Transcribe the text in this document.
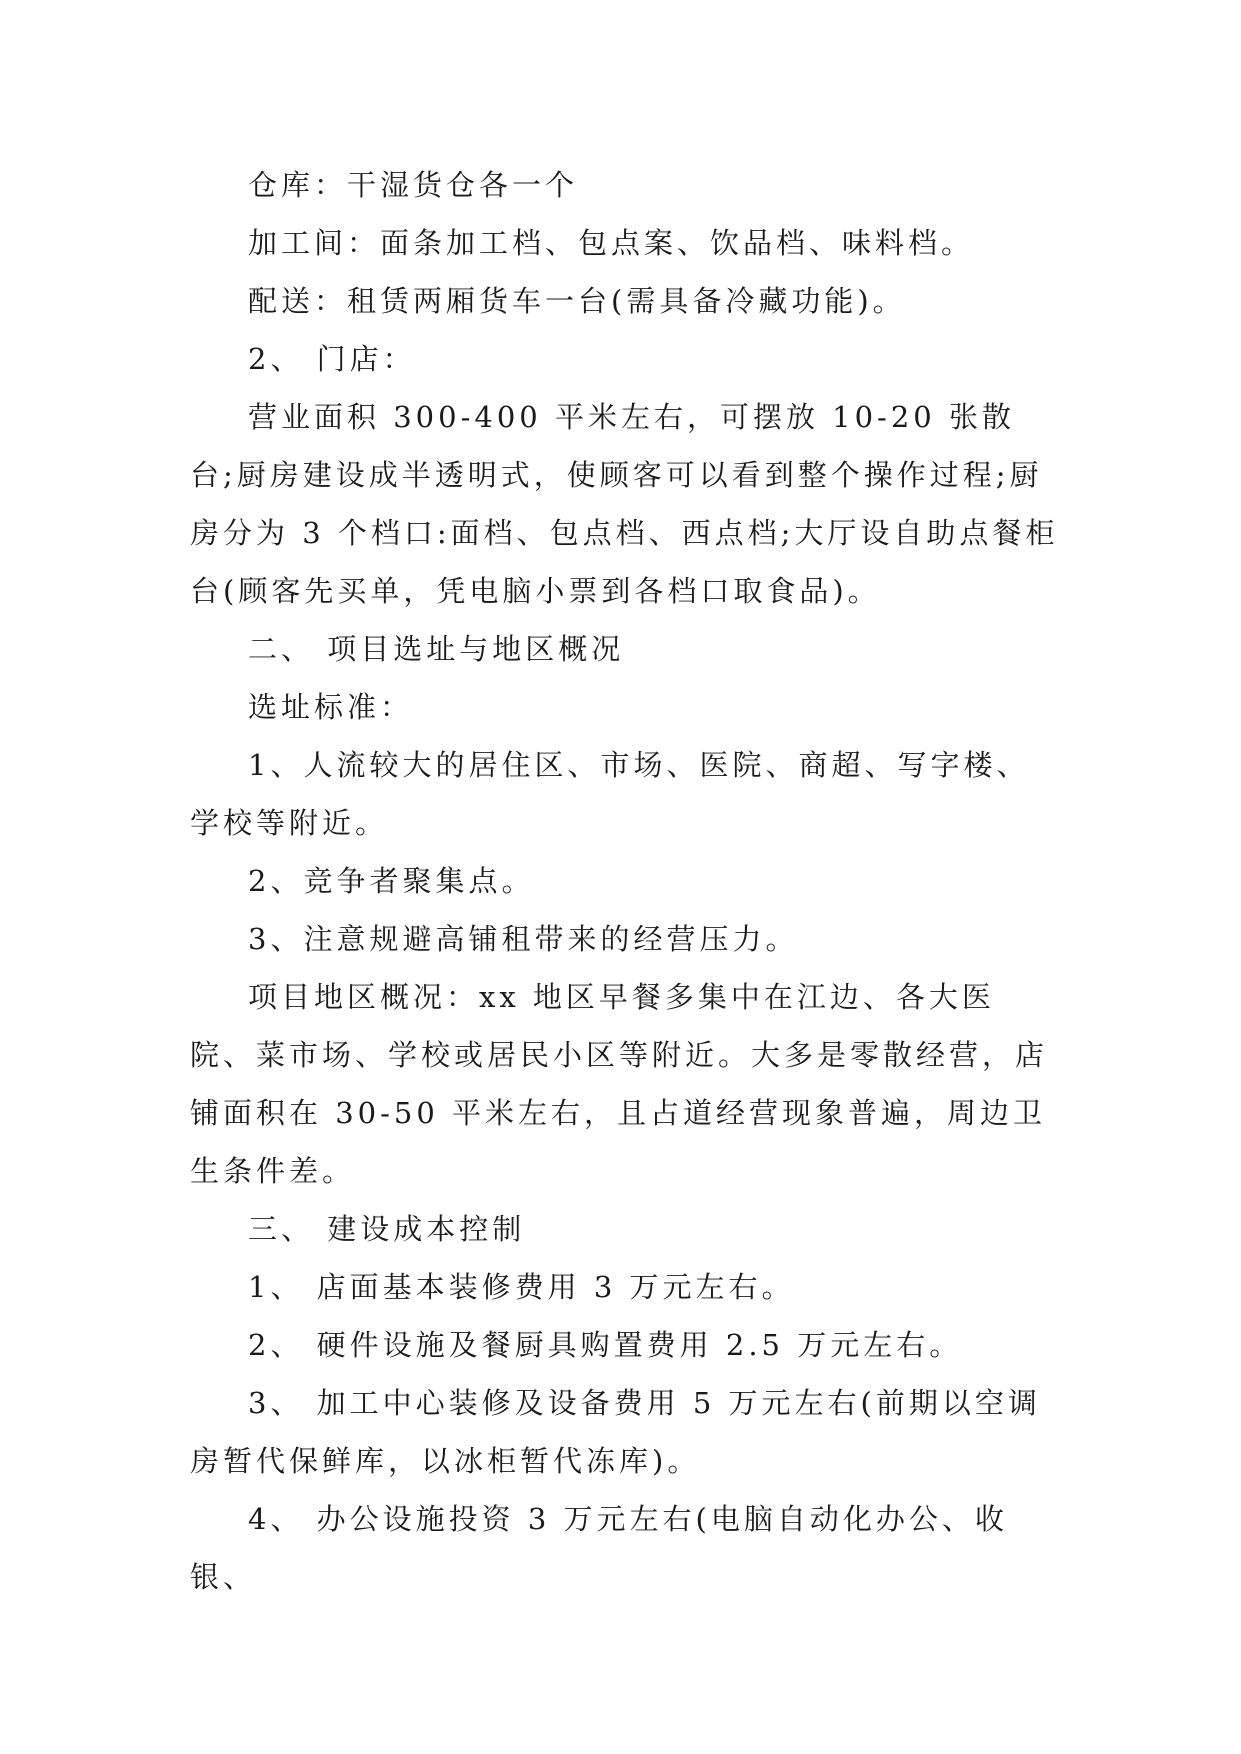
仓库：干湿货仓各一个

加工间：面条加工档、包点案、饮品档、味料档。

配送：租赁两厢货车一台(需具备冷藏功能)。

2、 门店：

营业面积 300-400 平米左右，可摆放 10-20 张散台;厨房建设成半透明式，使顾客可以看到整个操作过程;厨房分为 3 个档口:面档、包点档、西点档;大厅设自助点餐柜台(顾客先买单，凭电脑小票到各档口取食品)。

二、 项目选址与地区概况

选址标准：

1、人流较大的居住区、市场、医院、商超、写字楼、学校等附近。

2、竞争者聚集点。

3、注意规避高铺租带来的经营压力。

项目地区概况：xx 地区早餐多集中在江边、各大医院、菜市场、学校或居民小区等附近。大多是零散经营，店铺面积在 30-50 平米左右，且占道经营现象普遍，周边卫生条件差。

三、 建设成本控制

1、 店面基本装修费用 3 万元左右。

2、 硬件设施及餐厨具购置费用 2.5 万元左右。

3、 加工中心装修及设备费用 5 万元左右(前期以空调房暂代保鲜库，以冰柜暂代冻库)。

4、 办公设施投资 3 万元左右(电脑自动化办公、收银、
